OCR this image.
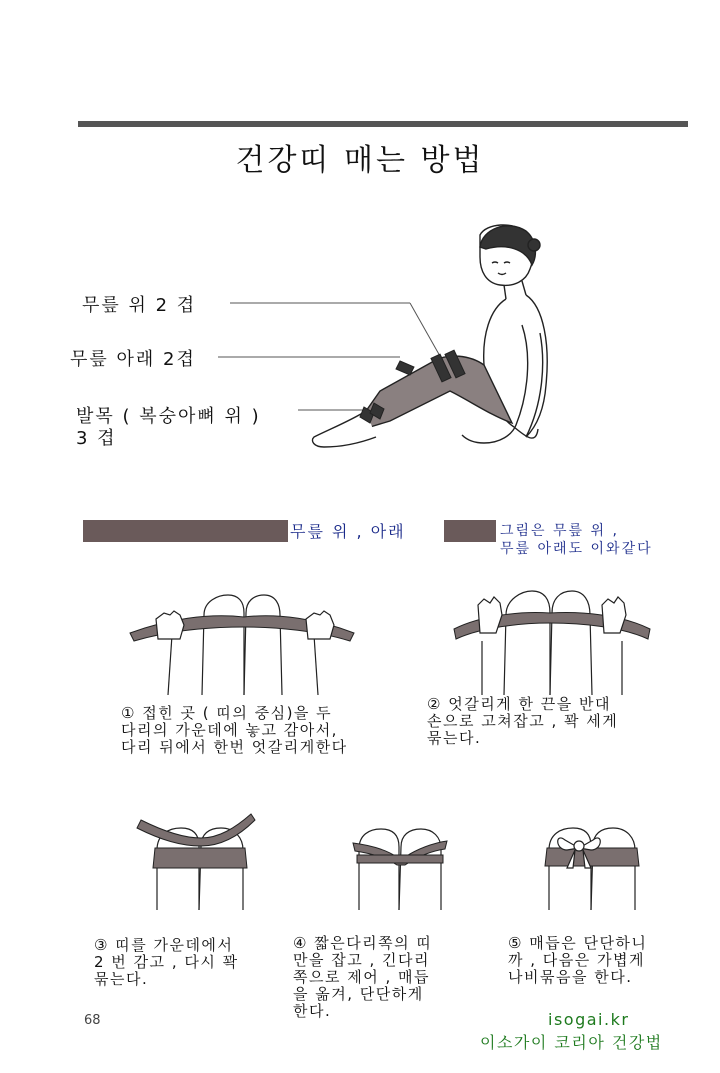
건강띠 매는 방법
무릎 위 2 겹
무릎 아래 2겹
발목 ( 복숭아뼈 위 )
3 겹
무릎 위 , 아래	그림은 무릎 위 ,
무릎 아래도 이와같다
① 접힌 곳 ( 띠의 중심)을 두
다리의 가운데에 놓고 감아서,
다리 뒤에서 한번 엇갈리게한다
② 엇갈리게 한 끈을 반대
손으로 고쳐잡고 , 꽉 세게
묶는다.
③ 띠를 가운데에서
2 번 감고 , 다시 꽉
묶는다.
④ 짧은다리쪽의 띠
만을 잡고 , 긴다리
쪽으로 제어 , 매듭
을 옮겨, 단단하게
한다.
⑤ 매듭은 단단하니
까 , 다음은 가볍게
나비묶음을 한다.
68	isogai.kr
이소가이 코리아 건강법
